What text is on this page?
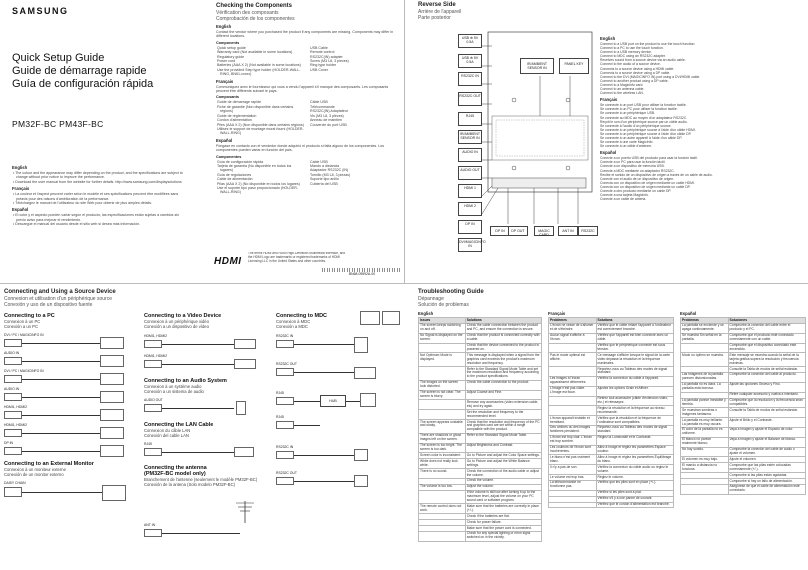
SAMSUNG

Quick Setup Guide

Guide de démarrage rapide

Guía de configuración rápida

PM32F-BC PM43F-BC
English

• The colour and the appearance may differ depending on the product, and the specifications are subject to change without prior notice to improve the performance.

• Download the user manual from the website for further details. http://www.samsung.com/displaysolutions

Français

• La couleur et l'aspect peuvent varier selon le modèle et ses spécifications peuvent être modifiées sans préavis pour des raisons d'amélioration de la performance.

• Téléchargez le manuel de l'utilisateur du site Web pour obtenir de plus amples détails.

Español

• El color y el aspecto pueden variar según el producto; las especificaciones están sujetas a cambios sin previo aviso para mejorar el rendimiento.

• Descargue el manual del usuario desde el sitio web si desea más información.

Checking the Components

Vérification des composants

Comprobación de los componentes

English

Contact the vendor where you purchased the product if any components are missing. Components may differ in different locations.

Components

Quick setup guide

Warranty card (Not available in some locations)

Regulatory guide

Power cord

Batteries (AAA X 2) (Not available in some locations)

Use the provided Step type holder (HOLDER-WALL-RING, BN61-xxxxx)

USB Cable

Remote control

RS232C(IN) adapter

Screw (M3 L8, 3 pieces)

Ring type holder

USB Cover

Français

Communiquez avec le fournisseur qui vous a vendu l'appareil s'il manque des composants. Les composants peuvent être différents suivant le pays.

Composants

Guide de démarrage rapide

Fiche de garantie (Non disponible dans certains régions)

Guide de réglementation

Cordon d'alimentation

Piles (AAA X 2) (Non disponible dans certains régions)

Utilisez le support de montage mural fourni (HOLDER-WALL-RING)

Câble USB

Télécommande

RS232C(IN) Adaptateur

Vis (M3 L8, 3 pièces)

Anneau de maintien

Couvercle du port USB

Español

Póngase en contacto con el vendedor donde adquirió el producto si falta alguno de los componentes. Los componentes pueden variar en función del país.

Componentes

Guía de configuración rápida

Tarjeta de garantía (No disponible en todos los lugares)

Guía de regulaciones

Cable de alimentación

Pilas (AAA X 2) (No disponible en todos los lugares)

Use el soporte tipo paso proporcionado (HOLDER-WALL-RING)

Cable USB

Mando a distancia

Adaptador RS232C (IN)

Tornillo (M3 L8, 3 piezas)

Soporte tipo anillo

Cubierta del USB

HDMI

The terms HDMI and HDMI High-Definition Multimedia Interface, and the HDMI Logo are trademarks or registered trademarks of HDMI Licensing LLC in the United States and other countries.

BN68-09592A-00

Reverse Side

Arrière de l'appareil

Parte posterior

USB ⊕ 5V 0.5A
USB ⊕ 5V 0.5A
RS232C IN
RS232C OUT
RJ45
IR/AMBIENT SENSOR IN
AUDIO IN
AUDIO OUT
HDMI 1
HDMI 2
DP IN
DVI/MAGICINFO IN
IR/AMBIENT SENSOR IN
PANEL KEY
DP IN	DP OUT	MAGIC CARD
ANT IN	RS232C
English

Connect to a USB port on the product to use the touch function.

Connect to a PC to use the touch function.

Connect to a USB memory device.

Connect to MDC using an RS232C adapter.

Receives sound from a source device via an audio cable.

Connect to the audio of a source device.

Connects to a source device using a HDMI cable.

Connects to a source device using a DP cable.

Connect to the DVI (MAGICINFO IN) port using a DVI/HDMI cable.

Connect to another product using a DP cable.

Connect to a MagicInfo card.

Connect to an antenna cable.

Connect to the wireless LAN.

Français

Se connecte à un port USB pour utiliser la fonction tactile.

Se connecte à un PC pour utiliser la fonction tactile.

Se connecte à un périphérique USB.

Se connecte au MDC au moyen d'un adaptateur RS232C.

Reçoit le son d'un périphérique source par un câble audio.

Se connecte à l'audio d'un périphérique source.

Se connecte à un périphérique source à l'aide d'un câble HDMI.

Se connecte à un périphérique source à l'aide d'un câble DP.

Se connecte à un autre appareil à l'aide d'un câble DP.

Se connecte à une carte MagicInfo.

Se connecte à un câble d'antenne.

Español

Conecte a un puerto USB del producto para usar la función táctil.

Conecte a un PC para usar la función táctil.

Conecte a un dispositivo de memoria USB.

Conecte a MDC mediante un adaptador RS232C.

Recibe el sonido de un dispositivo de origen a través de un cable de audio.

Conecte con el audio de un dispositivo de origen.

Conecta con un dispositivo de origen mediante un cable HDMI.

Conecta con un dispositivo de origen mediante un cable DP.

Conecte a otro producto mediante un cable DP.

Conecte a una tarjeta MagicInfo.

Conecte a un cable de antena.

Connecting and Using a Source Device

Connexion et utilisation d'un périphérique source

Conexión y uso de un dispositivo fuente

Connecting to a PC

Connexion à un PC

Conexión a un PC

DVI / PC / MAGICINFO IN
AUDIO IN
DVI / PC / MAGICINFO IN
AUDIO IN
HDMI1, HDMI2
HDMI1, HDMI2
DP IN

Connecting to an External Monitor

Connexion à un moniteur externe

Conexión de un monitor externo

DAISY CHAIN

Connecting to a Video Device

Connexion à un périphérique vidéo

Conexión a un dispositivo de vídeo

HDMI1, HDMI2
HDMI1, HDMI2

Connecting to an Audio System

Connexion à un système audio

Conexión a un sistema de audio

AUDIO OUT

Connecting the LAN Cable

Connexion du câble LAN

Conexión del cable LAN

RJ45

Connecting the antenna

(PM32F-BC model only)

Branchement de l'antenne (seulement le modèle PM32F-BC)

Conexión de la antena (Solo modelo PM32F-BC)

ANT IN

Connecting to MDC

Connexion à MDC

Conexión a MDC

RS232C IN
RS232C OUT
RJ45
HUB
RJ45
RS232C IN
RS232C OUT

Troubleshooting Guide

Dépannage

Solución de problemas

English
Issues	Solutions
The screen keeps switching on and off.	Check the cable connection between the product and PC, and ensure the connection is secure.
No Signal is displayed on the screen.	Check that the product is connected correctly with a cable.
	Check that the device connected to the product is powered on.
Not Optimum Mode is displayed.	This message is displayed when a signal from the graphics card exceeds the product's maximum resolution and frequency.
	Refer to the Standard Signal Mode Table and set the maximum resolution and frequency according to the product specifications.
The images on the screen look distorted.	Check the cable connection to the product.
The screen is not clear. The screen is blurry.	Adjust Coarse and Fine.
	Remove any accessories (video extension cable, etc) and try again.
	Set the resolution and frequency to the recommended level.
The screen appears unstable and shaky.	Check that the resolution and frequency of the PC and graphics card are set within a range compatible with the product.
There are shadows or ghost images left on the screen.	Refer to the Standard Signal Mode Table.
The screen is too bright. The screen is too dark.	Adjust Brightness and Contrast.
Screen color is inconsistent.	Go to Picture and adjust the Color Space settings.
White does not really look white.	Go to Picture and adjust the White Balance settings.
There is no sound.	Check the connection of the audio cable or adjust the volume.
	Check the volume.
The volume is too low.	Adjust the volume.
	If the volume is still low after turning it up to the maximum level, adjust the volume on your PC sound card or software program.
The remote control does not work.	Make sure that the batteries are correctly in place (+/-).
	Check if the batteries are flat.
	Check for power failure.
	Make sure that the power cord is connected.
	Check for any special lighting or neon signs switched on in the vicinity.
Français
Problèmes	Solutions
L'écran ne cesse de s'allumer et de s'éteindre.	Vérifiez que le câble reliant l'appareil à l'ordinateur est correctement branché.
Aucun signal s'affiche à l'écran.	Vérifiez que l'appareil est bien connecté avec un câble.
	Vérifiez que le périphérique connecté est sous tension.
Pas le mode optimal est affiché.	Ce message s'affiche lorsque le signal de la carte vidéo dépasse la résolution et la fréquence maximales.
	Reportez-vous au Tableau des modes de signal standard.
Les images à l'écran apparaissent déformées.	Vérifiez la connexion du câble à l'appareil.
L'image n'est pas claire. L'image est floue.	Ajustez les options Grain et Affiner.
	Retirez tout accessoire (câble d'extension vidéo, etc.) et réessayez.
	Réglez la résolution et la fréquence au niveau recommandé.
L'écran apparaît instable et tremblant.	Vérifiez que la résolution et la fréquence de l'ordinateur sont compatibles.
Des ombres ou des images fantômes persistent.	Reportez-vous au Tableau des modes de signal standard.
L'écran est trop clair. L'écran est trop sombre.	Réglez la Luminosité et le Contraste.
Les couleurs de l'écran sont incohérentes.	Allez à Image et réglez les paramètres Espace couleur.
Le blanc n'est pas vraiment blanc.	Allez à Image et réglez les paramètres Équilibrage du blanc.
Il n'y a pas de son.	Vérifiez la connexion du câble audio ou réglez le volume.
Le volume est trop bas.	Réglez le volume.
La télécommande ne fonctionne pas.	Vérifiez que les piles sont en place (+/-).
	Vérifiez si les piles sont à plat.
	Vérifiez s'il y a une panne de courant.
	Vérifiez que le cordon d'alimentation est branché.
Español
Problemas	Soluciones
La pantalla se enciende y se apaga continuamente.	Compruebe la conexión del cable entre el producto y el PC.
Se muestra Sin señal en la pantalla.	Compruebe que el producto esté conectado correctamente con un cable.
	Compruebe que el dispositivo conectado esté encendido.
Modo no óptimo se muestra.	Este mensaje se muestra cuando la señal de la tarjeta gráfica supera la resolución y frecuencia máximas.
	Consulte la Tabla de modos de señal estándar.
Las imágenes de la pantalla parecen distorsionadas.	Compruebe la conexión del cable al producto.
La pantalla no es clara. La pantalla está borrosa.	Ajuste las opciones Grueso y Fino.
	Retire cualquier accesorio y vuelva a intentarlo.
La pantalla parece inestable y tiembla.	Compruebe que la resolución y la frecuencia sean compatibles.
Se muestran sombras o imágenes fantasma.	Consulte la Tabla de modos de señal estándar.
La pantalla es muy brillante. La pantalla es muy oscura.	Ajuste el Brillo y el Contraste.
El color de la pantalla no es uniforme.	Vaya a Imagen y ajuste el Espacio de color.
El blanco no parece realmente blanco.	Vaya a Imagen y ajuste el Balance de blanco.
No hay sonido.	Compruebe la conexión del cable de audio o ajuste el volumen.
El volumen es muy bajo.	Ajuste el volumen.
El mando a distancia no funciona.	Compruebe que las pilas estén colocadas correctamente (+/-).
	Compruebe si las pilas están agotadas.
	Compruebe si hay un fallo de alimentación.
	Asegúrese de que el cable de alimentación esté conectado.
